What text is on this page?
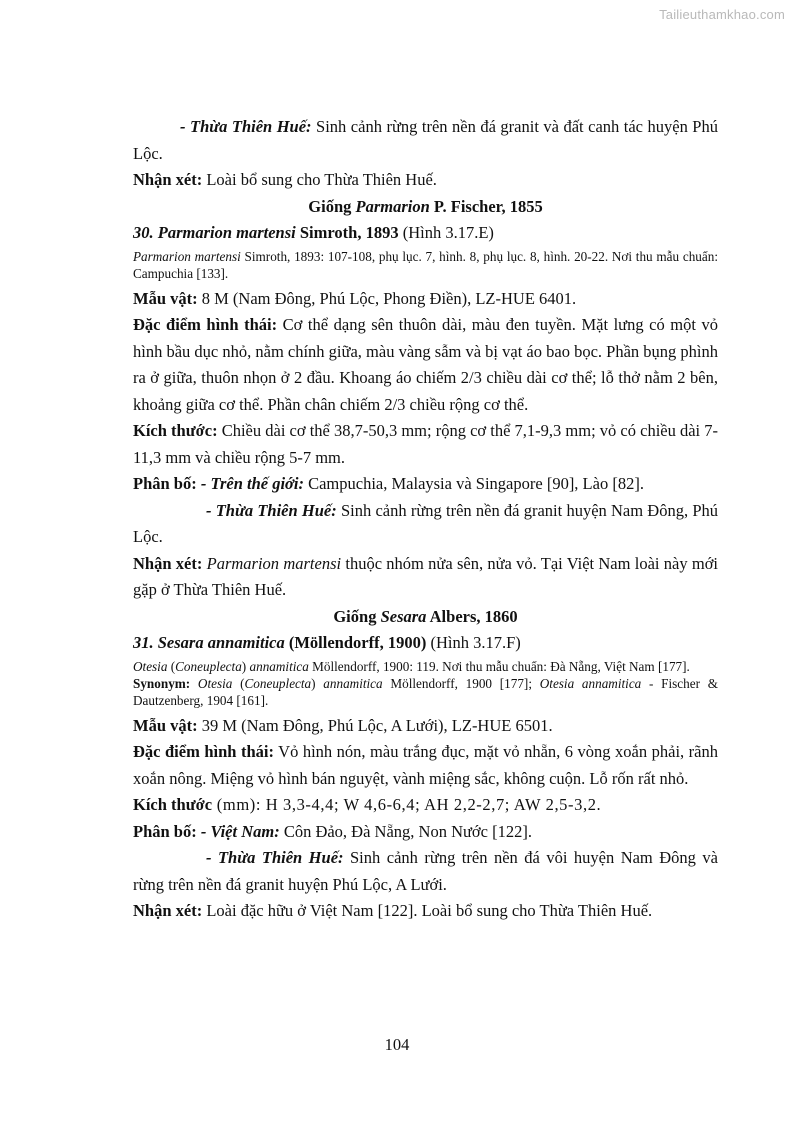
Tailieuthamkhao.com

- Thừa Thiên Huế: Sinh cảnh rừng trên nền đá granit và đất canh tác huyện Phú Lộc.

Nhận xét: Loài bổ sung cho Thừa Thiên Huế.

Giống Parmarion P. Fischer, 1855

30. Parmarion martensi Simroth, 1893 (Hình 3.17.E)

Parmarion martensi Simroth, 1893: 107-108, phụ lục. 7, hình. 8, phụ lục. 8, hình. 20-22. Nơi thu mẫu chuẩn: Campuchia [133].

Mẫu vật: 8 M (Nam Đông, Phú Lộc, Phong Điền), LZ-HUE 6401.

Đặc điểm hình thái: Cơ thể dạng sên thuôn dài, màu đen tuyền. Mặt lưng có một vỏ hình bầu dục nhỏ, nằm chính giữa, màu vàng sẫm và bị vạt áo bao bọc. Phần bụng phình ra ở giữa, thuôn nhọn ở 2 đầu. Khoang áo chiếm 2/3 chiều dài cơ thể; lỗ thở nằm 2 bên, khoảng giữa cơ thể. Phần chân chiếm 2/3 chiều rộng cơ thể.

Kích thước: Chiều dài cơ thể 38,7-50,3 mm; rộng cơ thể 7,1-9,3 mm; vỏ có chiều dài 7-11,3 mm và chiều rộng 5-7 mm.

Phân bố: - Trên thế giới: Campuchia, Malaysia và Singapore [90], Lào [82].

- Thừa Thiên Huế: Sinh cảnh rừng trên nền đá granit huyện Nam Đông, Phú Lộc.

Nhận xét: Parmarion martensi thuộc nhóm nửa sên, nửa vỏ. Tại Việt Nam loài này mới gặp ở Thừa Thiên Huế.

Giống Sesara Albers, 1860

31. Sesara annamitica (Möllendorff, 1900) (Hình 3.17.F)

Otesia (Coneuplecta) annamitica Möllendorff, 1900: 119. Nơi thu mẫu chuẩn: Đà Nẵng, Việt Nam [177].

Synonym: Otesia (Coneuplecta) annamitica Möllendorff, 1900 [177]; Otesia annamitica - Fischer & Dautzenberg, 1904 [161].

Mẫu vật: 39 M (Nam Đông, Phú Lộc, A Lưới), LZ-HUE 6501.

Đặc điểm hình thái: Vỏ hình nón, màu trắng đục, mặt vỏ nhẵn, 6 vòng xoắn phải, rãnh xoắn nông. Miệng vỏ hình bán nguyệt, vành miệng sắc, không cuộn. Lỗ rốn rất nhỏ.

Kích thước (mm): H 3,3-4,4; W 4,6-6,4; AH 2,2-2,7; AW 2,5-3,2.

Phân bố: - Việt Nam: Côn Đảo, Đà Nẵng, Non Nước [122].

- Thừa Thiên Huế: Sinh cảnh rừng trên nền đá vôi huyện Nam Đông và rừng trên nền đá granit huyện Phú Lộc, A Lưới.

Nhận xét: Loài đặc hữu ở Việt Nam [122]. Loài bổ sung cho Thừa Thiên Huế.

104
